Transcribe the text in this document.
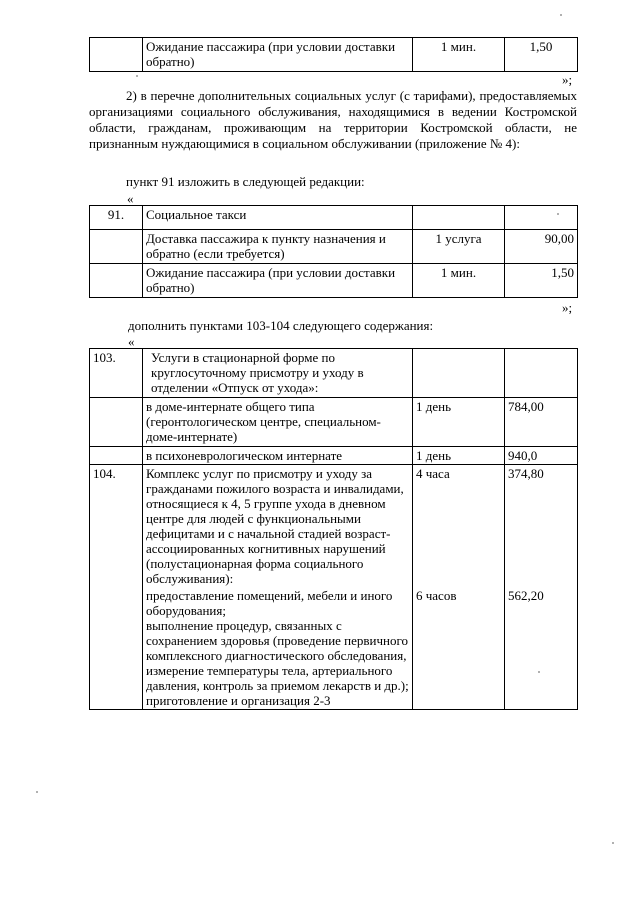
	Ожидание пассажира (при условии доставки обратно)	1 мин.	1,50
»;
2) в перечне дополнительных социальных услуг (с тарифами), предоставляемых организациями социального обслуживания, находящимися в ведении Костромской области, гражданам, проживающим на территории Костромской области, не признанным нуждающимися в социальном обслуживании (приложение № 4):
пункт 91 изложить в следующей редакции:
«
91.	Социальное такси		
	Доставка пассажира к пункту назначения и обратно (если требуется)	1 услуга	90,00
	Ожидание пассажира (при условии доставки обратно)	1 мин.	1,50
»;
дополнить пунктами 103-104 следующего содержания:
«
103.	Услуги в стационарной форме по круглосуточному присмотру и уходу в отделении «Отпуск от ухода»:		
	в доме-интернате общего типа (геронтологическом центре, специальном-доме-интернате)	1 день	784,00
	в психоневрологическом интернате	1 день	940,0
104.	Комплекс услуг по присмотру и уходу за гражданами пожилого возраста и инвалидами, относящиеся к 4, 5 группе ухода в дневном центре для людей с функциональными дефицитами и с начальной стадией возраст-ассоциированных когнитивных нарушений (полустационарная форма социального обслуживания):	4 часа	374,80
	предоставление помещений, мебели и иного оборудования;
выполнение процедур, связанных с сохранением здоровья (проведение первичного комплексного диагностического обследования, измерение температуры тела, артериального давления, контроль за приемом лекарств и др.);
приготовление и организация 2-3	6 часов	562,20
